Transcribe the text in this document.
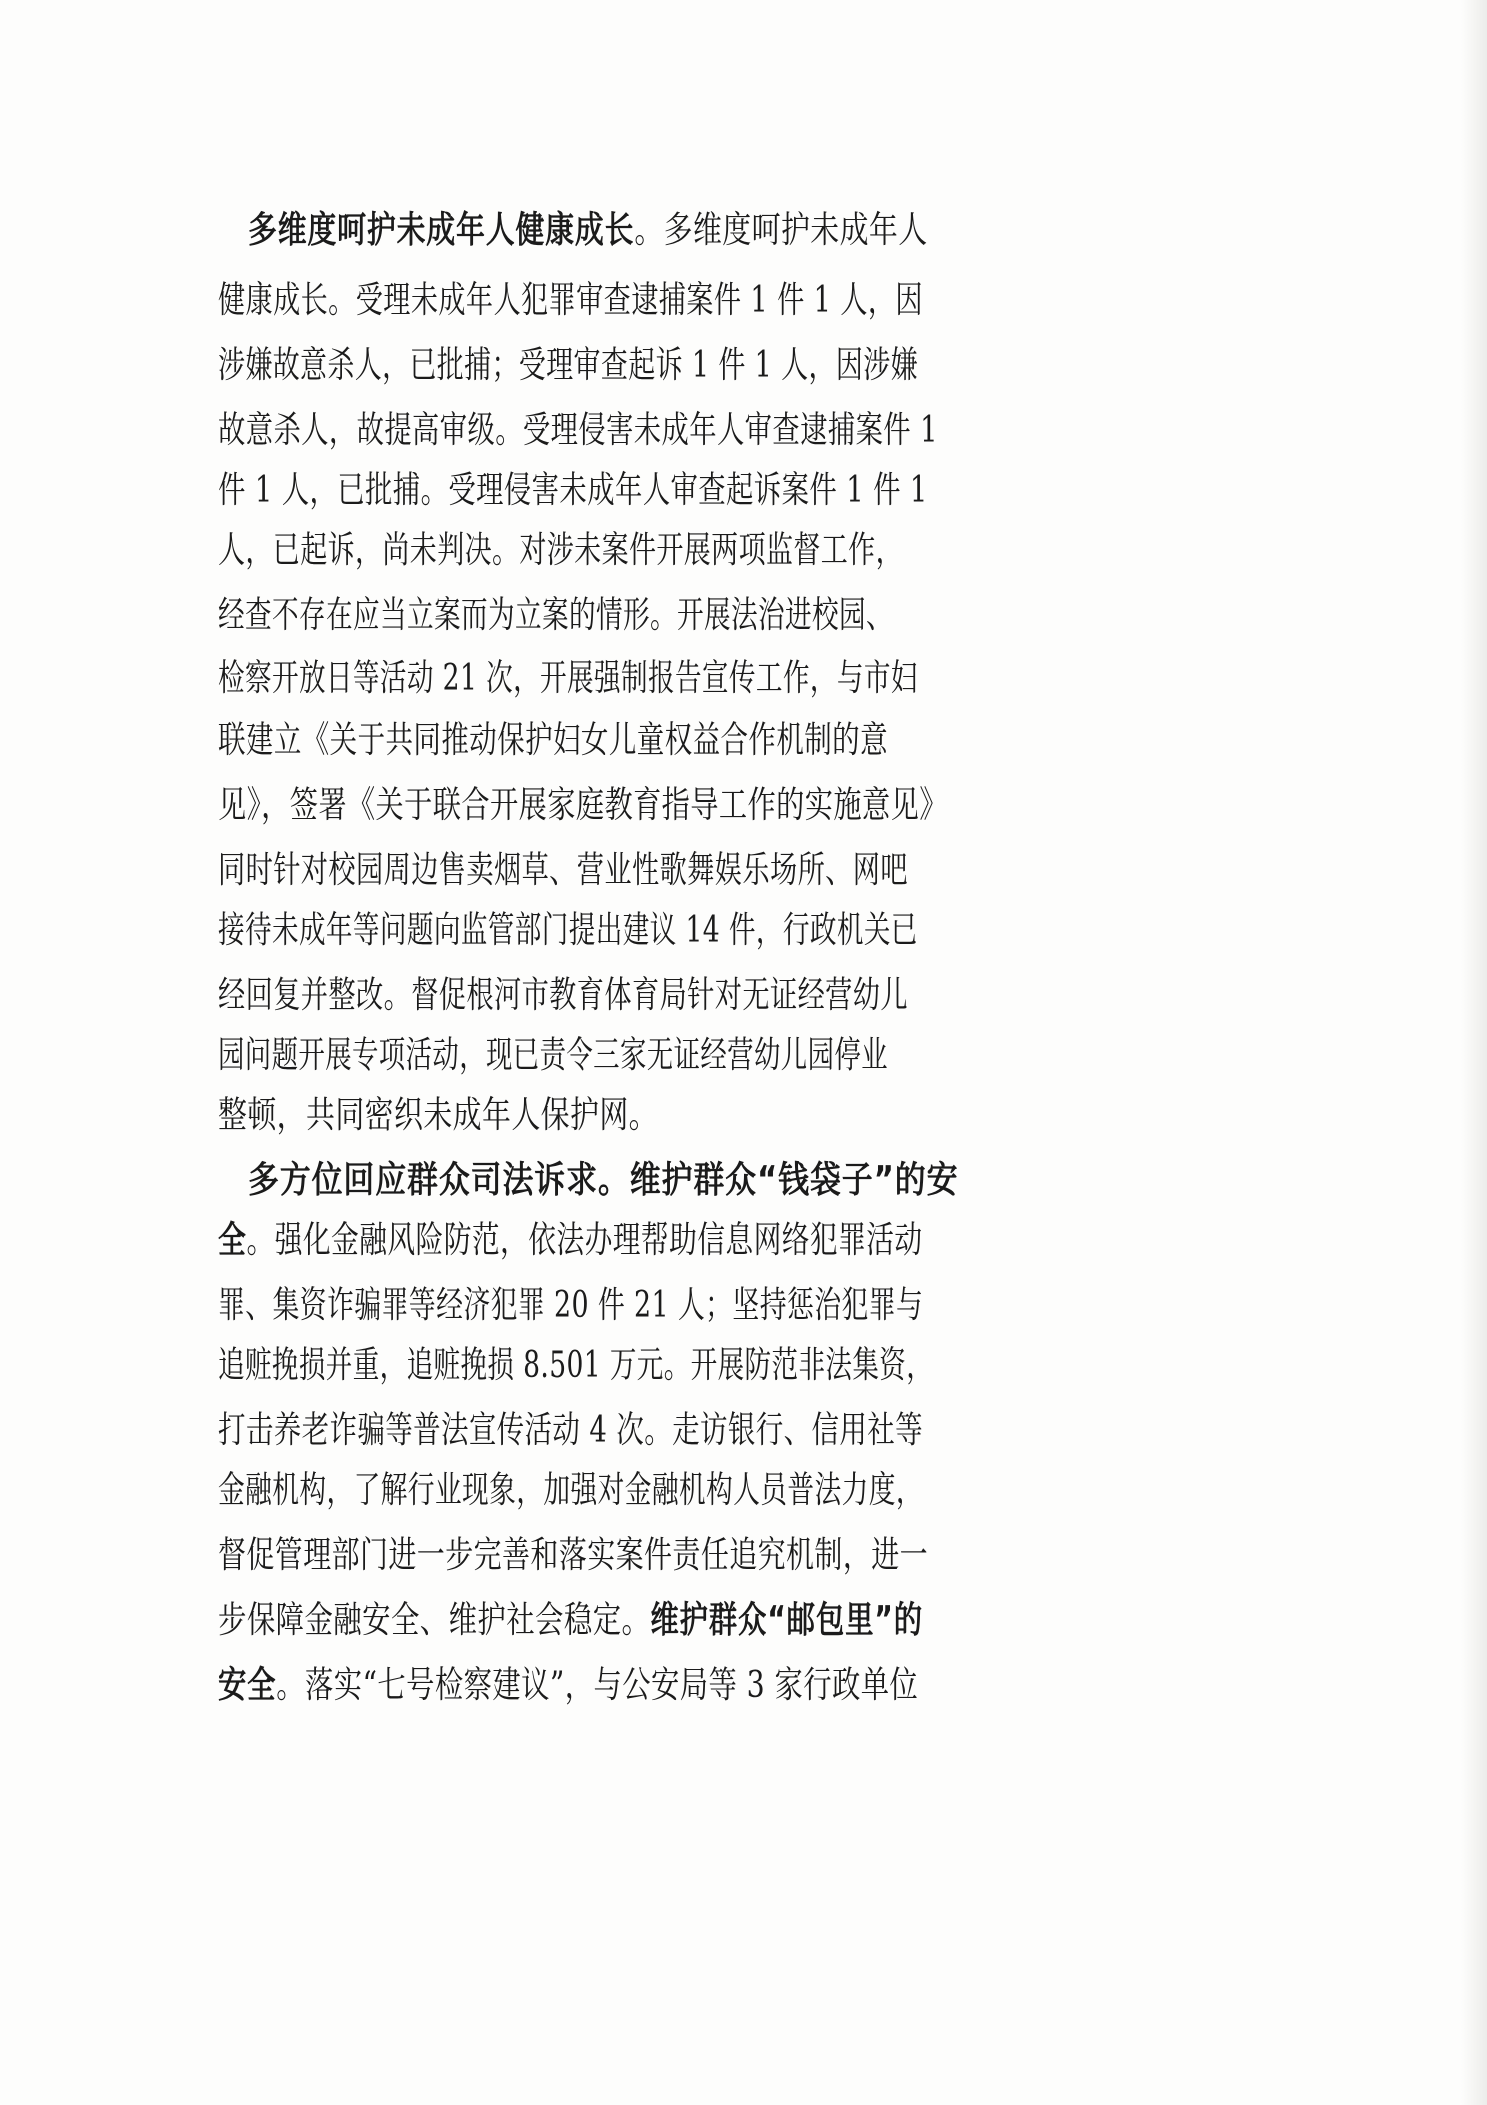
多维度呵护未成年人健康成长。多维度呵护未成年人
健康成长。受理未成年人犯罪审查逮捕案件 1 件 1 人，因
涉嫌故意杀人，已批捕；受理审查起诉 1 件 1 人，因涉嫌
故意杀人，故提高审级。受理侵害未成年人审查逮捕案件 1
件 1 人，已批捕。受理侵害未成年人审查起诉案件 1 件 1
人，已起诉，尚未判决。对涉未案件开展两项监督工作，
经查不存在应当立案而为立案的情形。开展法治进校园、
检察开放日等活动 21 次，开展强制报告宣传工作，与市妇
联建立《关于共同推动保护妇女儿童权益合作机制的意
见》，签署《关于联合开展家庭教育指导工作的实施意见》
同时针对校园周边售卖烟草、营业性歌舞娱乐场所、网吧
接待未成年等问题向监管部门提出建议 14 件，行政机关已
经回复并整改。督促根河市教育体育局针对无证经营幼儿
园问题开展专项活动，现已责令三家无证经营幼儿园停业
整顿，共同密织未成年人保护网。
多方位回应群众司法诉求。维护群众“钱袋子”的安
全。强化金融风险防范，依法办理帮助信息网络犯罪活动
罪、集资诈骗罪等经济犯罪 20 件 21 人；坚持惩治犯罪与
追赃挽损并重，追赃挽损 8.501 万元。开展防范非法集资，
打击养老诈骗等普法宣传活动 4 次。走访银行、信用社等
金融机构，了解行业现象，加强对金融机构人员普法力度，
督促管理部门进一步完善和落实案件责任追究机制，进一
步保障金融安全、维护社会稳定。维护群众“邮包里”的
安全。落实“七号检察建议”，与公安局等 3 家行政单位
